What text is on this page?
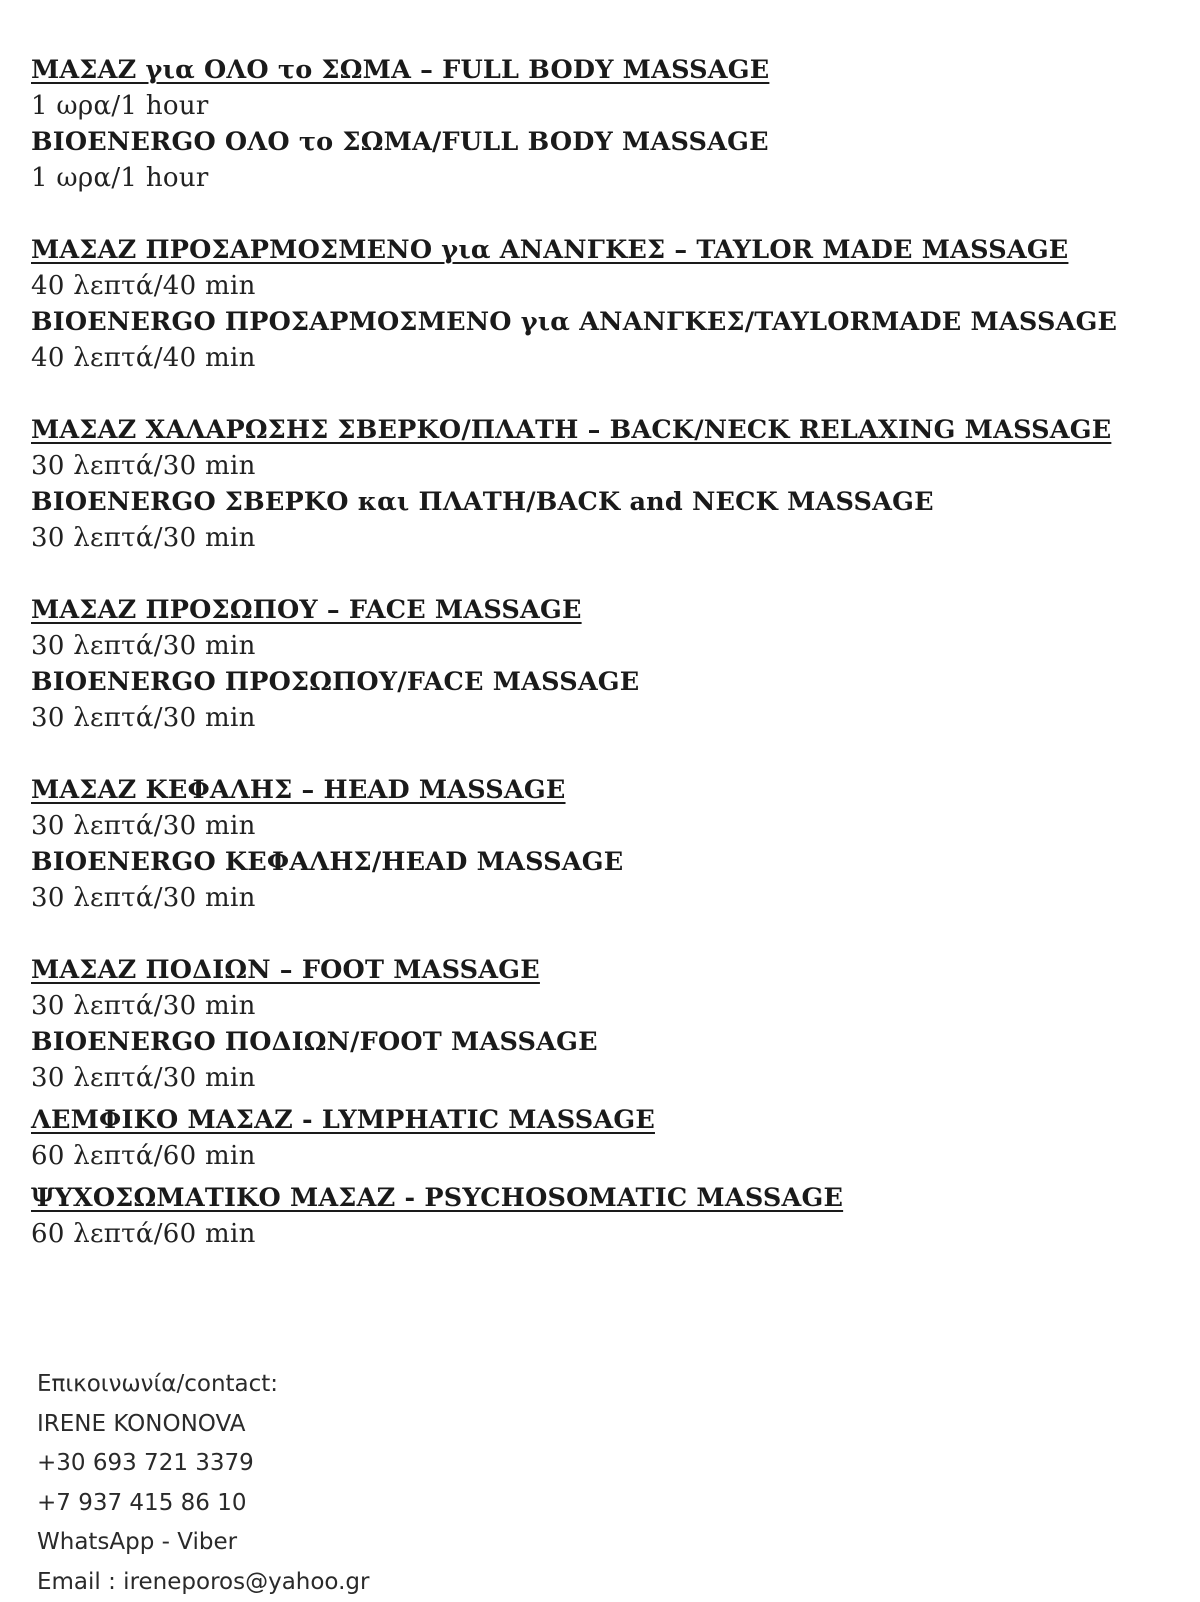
ΜΑΣΑΖ για ΟΛΟ το ΣΩΜΑ – FULL BODY MASSAGE
1 ωρα/1 hour
BIOENERGO ΟΛΟ το ΣΩΜΑ/FULL BODY MASSAGE
1 ωρα/1 hour
ΜΑΣΑΖ ΠΡΟΣΑΡΜΟΣΜΕΝΟ για ΑΝΑΝΓΚΕΣ – TAYLOR MADE MASSAGE
40 λεπτά/40 min
BIOENERGO ΠΡΟΣΑΡΜΟΣΜΕΝΟ για ΑΝΑΝΓΚΕΣ/TAYLORMADE MASSAGE
40 λεπτά/40 min
ΜΑΣΑΖ ΧΑΛΑΡΩΣΗΣ ΣΒΕΡΚΟ/ΠΛΑΤΗ – BACK/NECK RELAXING MASSAGE
30 λεπτά/30 min
BIOENERGO ΣΒΕΡΚΟ και ΠΛΑΤΗ/BACK and NECK MASSAGE
30 λεπτά/30 min
ΜΑΣΑΖ ΠΡΟΣΩΠΟΥ – FACE MASSAGE
30 λεπτά/30 min
BIOENERGO ΠΡΟΣΩΠΟΥ/FACE MASSAGE
30 λεπτά/30 min
ΜΑΣΑΖ ΚΕΦΑΛΗΣ – HEAD MASSAGE
30 λεπτά/30 min
BIOENERGO ΚΕΦΑΛΗΣ/HEAD MASSAGE
30 λεπτά/30 min
ΜΑΣΑΖ ΠΟΔΙΩΝ – FOOT MASSAGE
30 λεπτά/30 min
BIOENERGO ΠΟΔΙΩΝ/FOOT MASSAGE
30 λεπτά/30 min
ΛΕΜΦΙΚΟ ΜΑΣΑΖ - LYMPHATIC MASSAGE
60 λεπτά/60 min
ΨΥΧΟΣΩΜΑΤΙΚΟ ΜΑΣΑΖ - PSYCHOSOMATIC MASSAGE
60 λεπτά/60 min
Επικοινωνία/contact:
IRENE KONONOVA
+30 693 721 3379
+7 937 415 86 10
WhatsApp - Viber
Email : ireneporos@yahoo.gr
